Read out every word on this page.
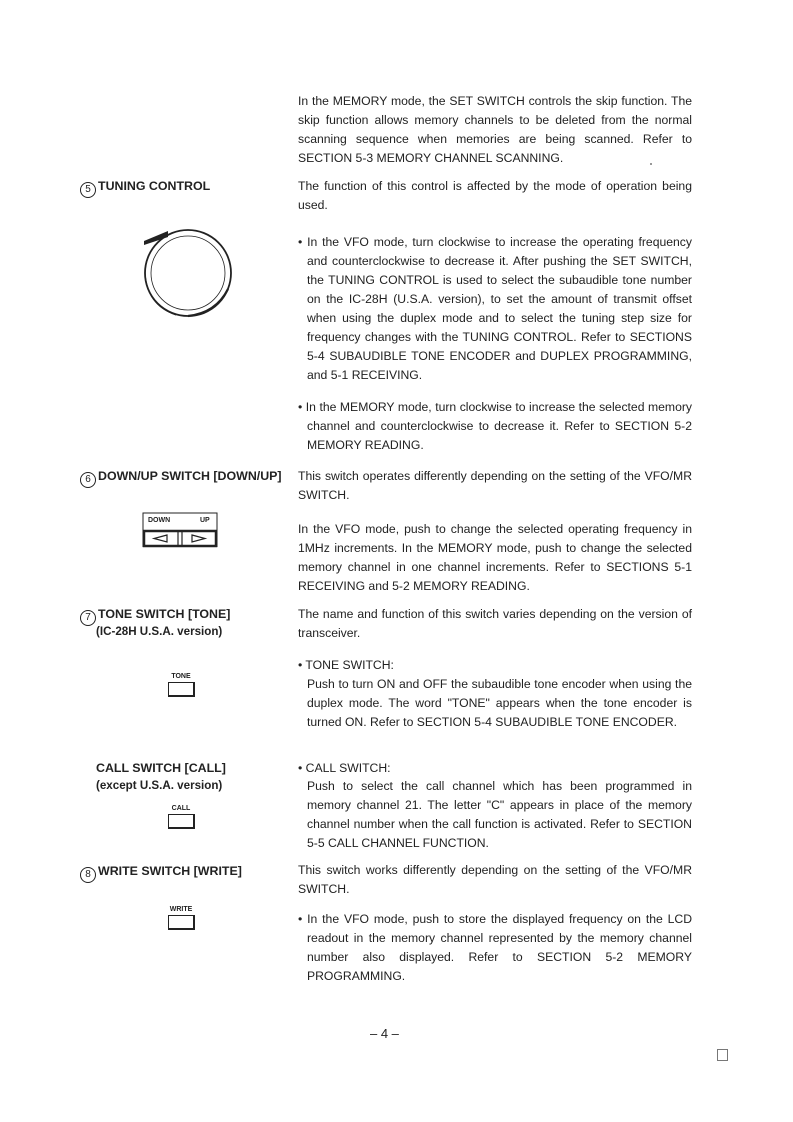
In the MEMORY mode, the SET SWITCH controls the skip function. The skip function allows memory channels to be deleted from the normal scanning sequence when memories are being scanned. Refer to SECTION 5-3 MEMORY CHANNEL SCANNING.

5 TUNING CONTROL	The function of this control is affected by the mode of operation being used.

• In the VFO mode, turn clockwise to increase the operating frequency and counterclockwise to decrease it. After pushing the SET SWITCH, the TUNING CONTROL is used to select the subaudible tone number on the IC-28H (U.S.A. version), to set the amount of transmit offset when using the duplex mode and to select the tuning step size for frequency changes with the TUNING CONTROL. Refer to SECTIONS 5-4 SUBAUDIBLE TONE ENCODER and DUPLEX PROGRAMMING, and 5-1 RECEIVING.

• In the MEMORY mode, turn clockwise to increase the selected memory channel and counterclockwise to decrease it. Refer to SECTION 5-2 MEMORY READING.

6 DOWN/UP SWITCH [DOWN/UP] This switch operates differently depending on the setting of the VFO/MR SWITCH.

DOWN	UP

In the VFO mode, push to change the selected operating frequency in 1MHz increments. In the MEMORY mode, push to change the selected memory channel in one channel increments. Refer to SECTIONS 5-1 RECEIVING and 5-2 MEMORY READING.

7 TONE SWITCH [TONE]

(IC-28H U.S.A. version)

The name and function of this switch varies depending on the version of transceiver.

TONE

• TONE SWITCH:

Push to turn ON and OFF the subaudible tone encoder when using the duplex mode. The word "TONE" appears when the tone encoder is turned ON. Refer to SECTION 5-4 SUBAUDIBLE TONE ENCODER.

CALL SWITCH [CALL]

(except U.S.A. version)

CALL

• CALL SWITCH:

Push to select the call channel which has been programmed in memory channel 21. The letter "C" appears in place of the memory channel number when the call function is activated. Refer to SECTION 5-5 CALL CHANNEL FUNCTION.

8 WRITE SWITCH [WRITE]	This switch works differently depending on the setting of the VFO/MR SWITCH.

WRITE

• In the VFO mode, push to store the displayed frequency on the LCD readout in the memory channel represented by the memory channel number also displayed. Refer to SECTION 5-2 MEMORY PROGRAMMING.

– 4 –
